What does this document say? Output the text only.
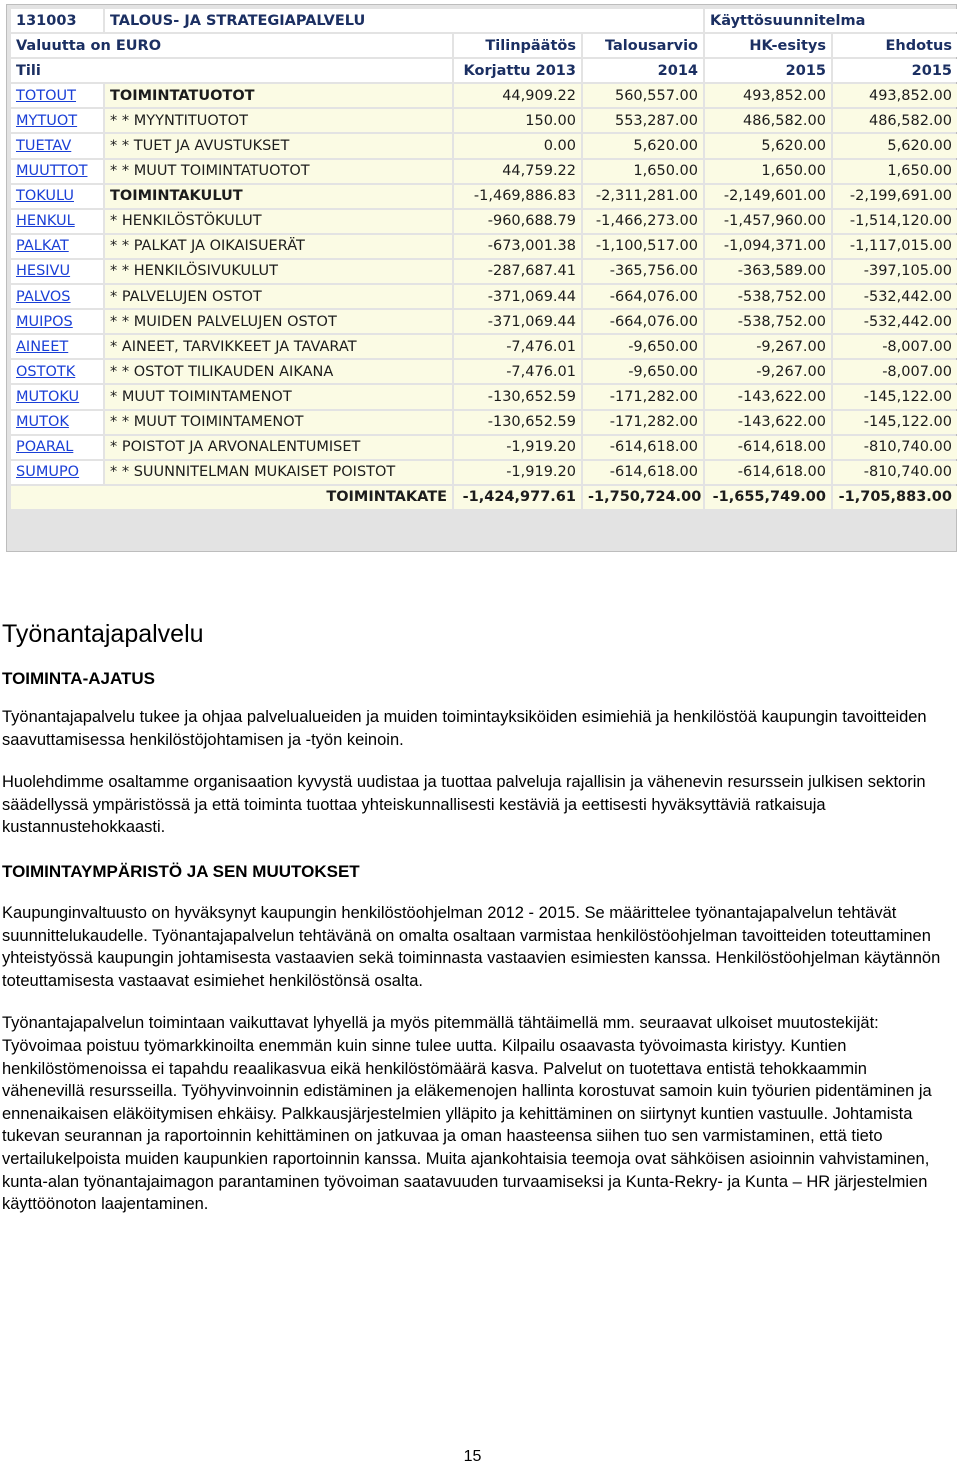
131003	TALOUS- JA STRATEGIAPALVELU			Käyttösuunnitelma	
Valuutta on EURO		Tilinpäätös	Talousarvio	HK-esitys	Ehdotus
Tili		Korjattu 2013	2014	2015	2015
TOTOUT	TOIMINTATUOTOT	44,909.22	560,557.00	493,852.00	493,852.00
MYTUOT	* * MYYNTITUOTOT	150.00	553,287.00	486,582.00	486,582.00
TUETAV	* * TUET JA AVUSTUKSET	0.00	5,620.00	5,620.00	5,620.00
MUUTTOT	* * MUUT TOIMINTATUOTOT	44,759.22	1,650.00	1,650.00	1,650.00
TOKULU	TOIMINTAKULUT	-1,469,886.83	-2,311,281.00	-2,149,601.00	-2,199,691.00
HENKUL	* HENKILÖSTÖKULUT	-960,688.79	-1,466,273.00	-1,457,960.00	-1,514,120.00
PALKAT	* * PALKAT JA OIKAISUERÄT	-673,001.38	-1,100,517.00	-1,094,371.00	-1,117,015.00
HESIVU	* * HENKILÖSIVUKULUT	-287,687.41	-365,756.00	-363,589.00	-397,105.00
PALVOS	* PALVELUJEN OSTOT	-371,069.44	-664,076.00	-538,752.00	-532,442.00
MUIPOS	* * MUIDEN PALVELUJEN OSTOT	-371,069.44	-664,076.00	-538,752.00	-532,442.00
AINEET	* AINEET, TARVIKKEET JA TAVARAT	-7,476.01	-9,650.00	-9,267.00	-8,007.00
OSTOTK	* * OSTOT TILIKAUDEN AIKANA	-7,476.01	-9,650.00	-9,267.00	-8,007.00
MUTOKU	* MUUT TOIMINTAMENOT	-130,652.59	-171,282.00	-143,622.00	-145,122.00
MUTOK	* * MUUT TOIMINTAMENOT	-130,652.59	-171,282.00	-143,622.00	-145,122.00
POARAL	* POISTOT JA ARVONALENTUMISET	-1,919.20	-614,618.00	-614,618.00	-810,740.00
SUMUPO	* * SUUNNITELMAN MUKAISET POISTOT	-1,919.20	-614,618.00	-614,618.00	-810,740.00
TOIMINTAKATE		-1,424,977.61	-1,750,724.00	-1,655,749.00	-1,705,883.00
Työnantajapalvelu
TOIMINTA-AJATUS

Työnantajapalvelu tukee ja ohjaa palvelualueiden ja muiden toimintayksiköiden esimiehiä ja henkilöstöä kaupungin tavoitteiden saavuttamisessa henkilöstöjohtamisen ja -työn keinoin.

Huolehdimme osaltamme organisaation kyvystä uudistaa ja tuottaa palveluja rajallisin ja vähenevin resurssein julkisen sektorin säädellyssä ympäristössä ja että toiminta tuottaa yhteiskunnallisesti kestäviä ja eettisesti hyväksyttäviä ratkaisuja kustannustehokkaasti.

TOIMINTAYMPÄRISTÖ JA SEN MUUTOKSET

Kaupunginvaltuusto on hyväksynyt kaupungin henkilöstöohjelman 2012 - 2015. Se määrittelee työnantajapalvelun tehtävät suunnittelukaudelle. Työnantajapalvelun tehtävänä on omalta osaltaan varmistaa henkilöstöohjelman tavoitteiden toteuttaminen yhteistyössä kaupungin johtamisesta vastaavien sekä toiminnasta vastaavien esimiesten kanssa. Henkilöstöohjelman käytännön toteuttamisesta vastaavat esimiehet henkilöstönsä osalta.

Työnantajapalvelun toimintaan vaikuttavat lyhyellä ja myös pitemmällä tähtäimellä mm. seuraavat ulkoiset muutostekijät:

Työvoimaa poistuu työmarkkinoilta enemmän kuin sinne tulee uutta. Kilpailu osaavasta työvoimasta kiristyy. Kuntien henkilöstömenoissa ei tapahdu reaalikasvua eikä henkilöstömäärä kasva. Palvelut on tuotettava entistä tehokkaammin vähenevillä resursseilla. Työhyvinvoinnin edistäminen ja eläkemenojen hallinta korostuvat samoin kuin työurien pidentäminen ja ennenaikaisen eläköitymisen ehkäisy. Palkkausjärjestelmien ylläpito ja kehittäminen on siirtynyt kuntien vastuulle. Johtamista tukevan seurannan ja raportoinnin kehittäminen on jatkuvaa ja oman haasteensa siihen tuo sen varmistaminen, että tieto vertailukelpoista muiden kaupunkien raportoinnin kanssa. Muita ajankohtaisia teemoja ovat sähköisen asioinnin vahvistaminen, kunta-alan työnantajaimagon parantaminen työvoiman saatavuuden turvaamiseksi ja Kunta-Rekry- ja Kunta – HR järjestelmien käyttöönoton laajentaminen.

15
